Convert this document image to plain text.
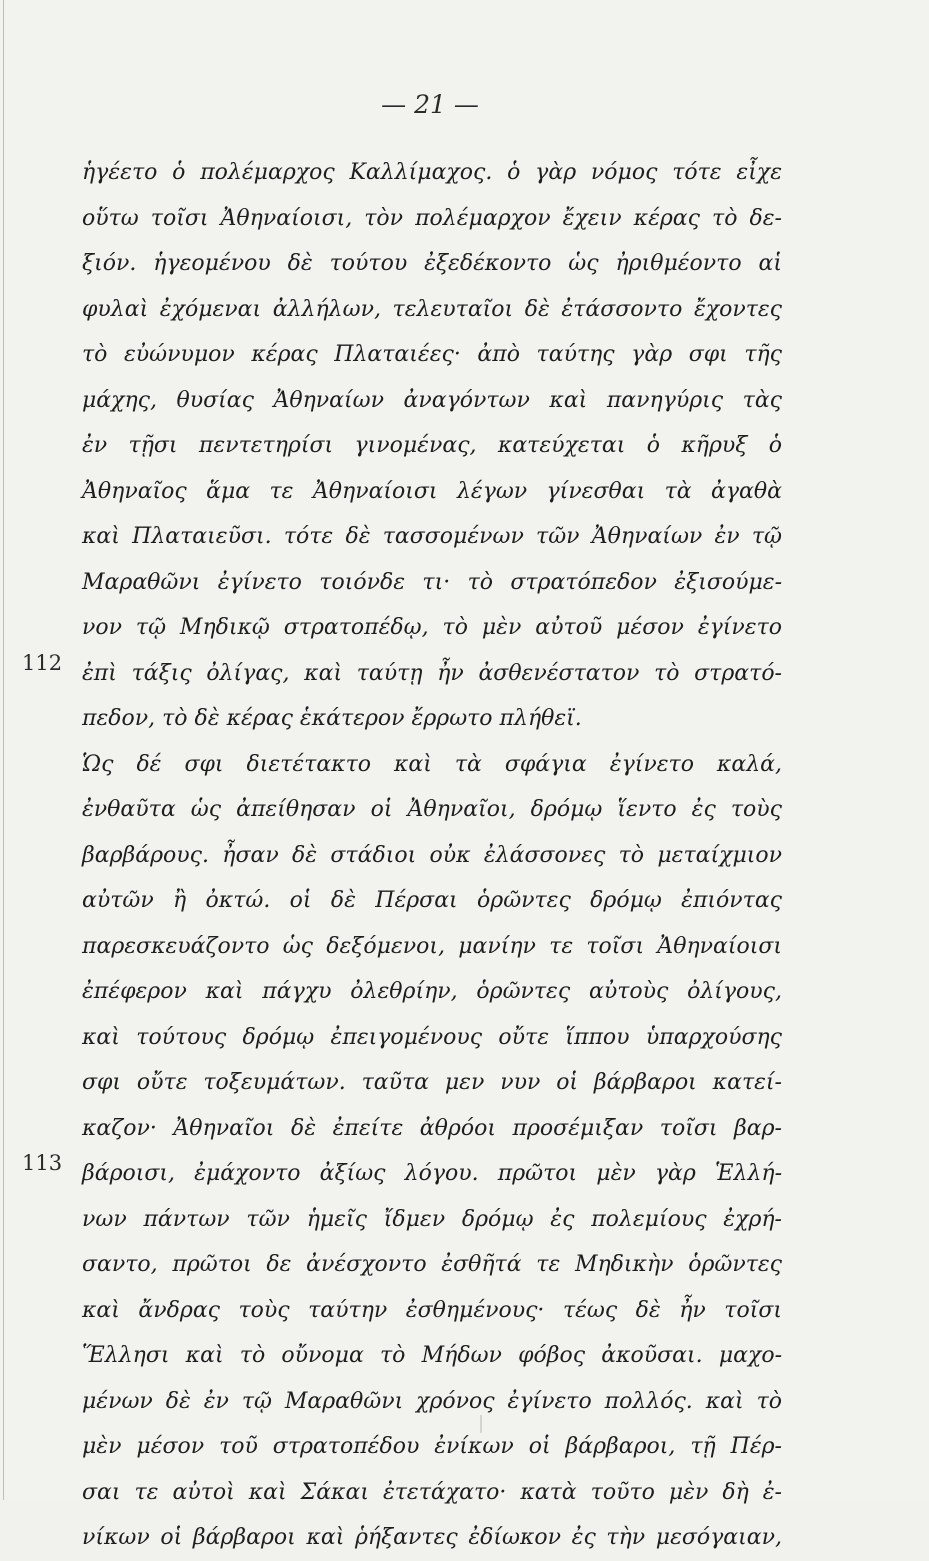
— 21 —
112
113
ἡγέετο ὁ πολέμαρχος Καλλίμαχος. ὁ γὰρ νόμος τότε εἶχε
οὕτω τοῖσι Ἀθηναίοισι, τὸν πολέμαρχον ἔχειν κέρας τὸ δε-
ξιόν. ἡγεομένου δὲ τούτου ἐξεδέκοντο ὡς ἠριθμέοντο αἱ
φυλαὶ ἐχόμεναι ἀλλήλων, τελευταῖοι δὲ ἐτάσσοντο ἔχοντες
τὸ εὐώνυμον κέρας Πλαταιέες· ἀπὸ ταύτης γὰρ σφι τῆς
μάχης, θυσίας Ἀθηναίων ἀναγόντων καὶ πανηγύρις τὰς
ἐν τῇσι πεντετηρίσι γινομένας, κατεύχεται ὁ κῆρυξ ὁ
Ἀθηναῖος ἅμα τε Ἀθηναίοισι λέγων γίνεσθαι τὰ ἀγαθὰ
καὶ Πλαταιεῦσι. τότε δὲ τασσομένων τῶν Ἀθηναίων ἐν τῷ
Μαραθῶνι ἐγίνετο τοιόνδε τι· τὸ στρατόπεδον ἐξισούμε-
νον τῷ Μηδικῷ στρατοπέδῳ, τὸ μὲν αὐτοῦ μέσον ἐγίνετο
ἐπὶ τάξις ὀλίγας, καὶ ταύτῃ ἦν ἀσθενέστατον τὸ στρατό-
πεδον, τὸ δὲ κέρας ἑκάτερον ἔρρωτο πλήθεϊ.
Ὡς δέ σφι διετέτακτο καὶ τὰ σφάγια ἐγίνετο καλά,
ἐνθαῦτα ὡς ἀπείθησαν οἱ Ἀθηναῖοι, δρόμῳ ἵεντο ἐς τοὺς
βαρβάρους. ἦσαν δὲ στάδιοι οὐκ ἐλάσσονες τὸ μεταίχμιον
αὐτῶν ἢ ὀκτώ. οἱ δὲ Πέρσαι ὁρῶντες δρόμῳ ἐπιόντας
παρεσκευάζοντο ὡς δεξόμενοι, μανίην τε τοῖσι Ἀθηναίοισι
ἐπέφερον καὶ πάγχυ ὀλεθρίην, ὁρῶντες αὐτοὺς ὀλίγους,
καὶ τούτους δρόμῳ ἐπειγομένους οὔτε ἵππου ὑπαρχούσης
σφι οὔτε τοξευμάτων. ταῦτα μεν νυν οἱ βάρβαροι κατεί-
καζον· Ἀθηναῖοι δὲ ἐπείτε ἀθρόοι προσέμιξαν τοῖσι βαρ-
βάροισι, ἐμάχοντο ἀξίως λόγου. πρῶτοι μὲν γὰρ Ἑλλή-
νων πάντων τῶν ἡμεῖς ἴδμεν δρόμῳ ἐς πολεμίους ἐχρή-
σαντο, πρῶτοι δε ἀνέσχοντο ἐσθῆτά τε Μηδικὴν ὁρῶντες
καὶ ἄνδρας τοὺς ταύτην ἐσθημένους· τέως δὲ ἦν τοῖσι
Ἕλλησι καὶ τὸ οὔνομα τὸ Μήδων φόβος ἀκοῦσαι. μαχο-
μένων δὲ ἐν τῷ Μαραθῶνι χρόνος ἐγίνετο πολλός. καὶ τὸ
μὲν μέσον τοῦ στρατοπέδου ἐνίκων οἱ βάρβαροι, τῇ Πέρ-
σαι τε αὐτοὶ καὶ Σάκαι ἐτετάχατο· κατὰ τοῦτο μὲν δὴ ἐ-
νίκων οἱ βάρβαροι καὶ ῥήξαντες ἐδίωκον ἐς τὴν μεσόγαιαν,
